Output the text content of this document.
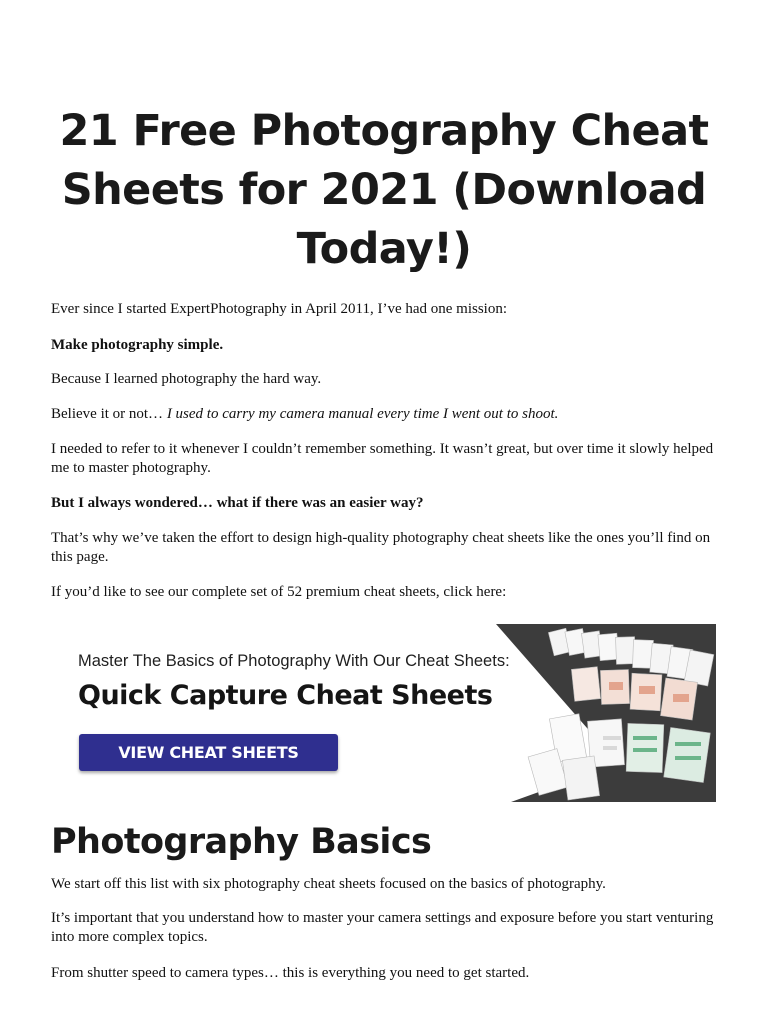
21 Free Photography Cheat Sheets for 2021 (Download Today!)

Ever since I started ExpertPhotography in April 2011, I’ve had one mission:

Make photography simple.

Because I learned photography the hard way.

Believe it or not… I used to carry my camera manual every time I went out to shoot.

I needed to refer to it whenever I couldn’t remember something. It wasn’t great, but over time it slowly helped me to master photography.

But I always wondered… what if there was an easier way?

That’s why we’ve taken the effort to design high-quality photography cheat sheets like the ones you’ll find on this page.

If you’d like to see our complete set of 52 premium cheat sheets, click here:

Master The Basics of Photography With Our Cheat Sheets:

Quick Capture Cheat Sheets

VIEW CHEAT SHEETS
Photography Basics

We start off this list with six photography cheat sheets focused on the basics of photography.

It’s important that you understand how to master your camera settings and exposure before you start venturing into more complex topics.

From shutter speed to camera types… this is everything you need to get started.
